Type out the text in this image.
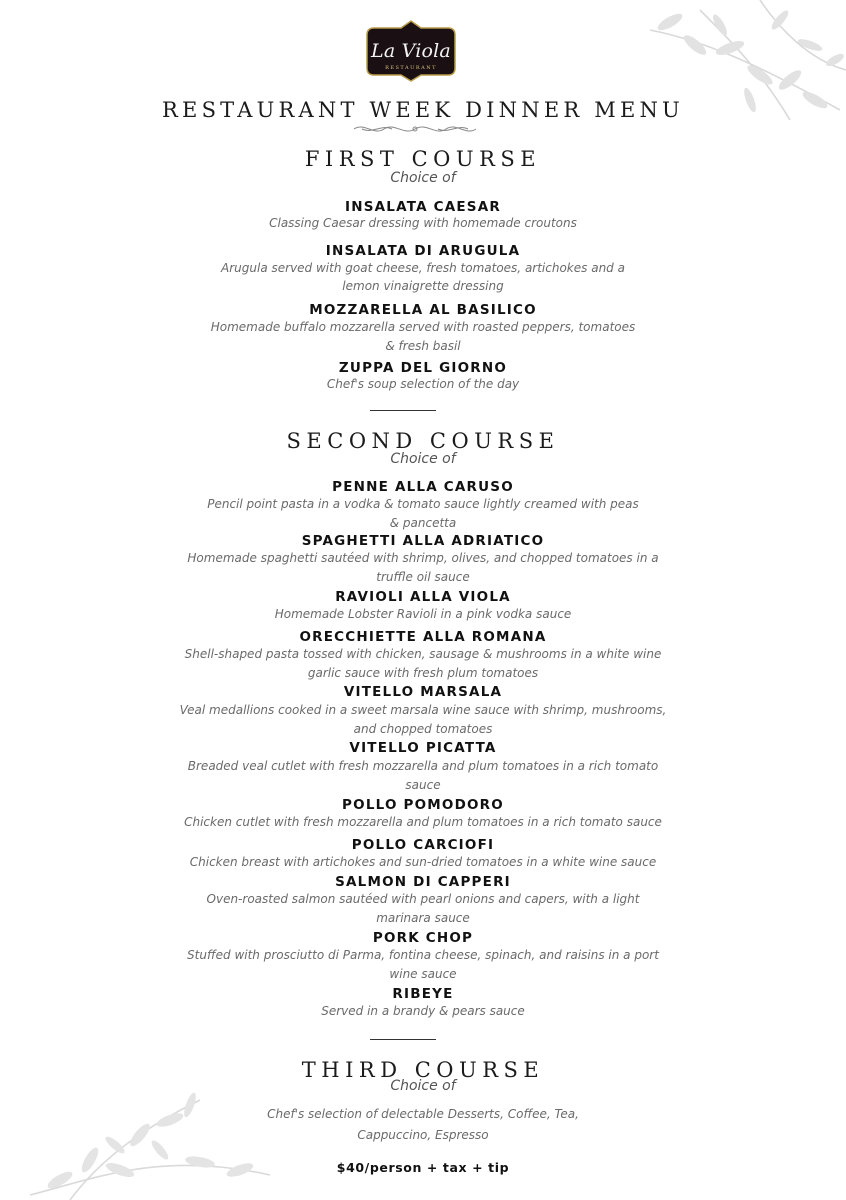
La Viola
RESTAURANT
RESTAURANT WEEK DINNER MENU
FIRST COURSE
Choice of
INSALATA CAESAR
Classing Caesar dressing with homemade croutons
INSALATA DI ARUGULA
Arugula served with goat cheese, fresh tomatoes, artichokes and a
lemon vinaigrette dressing
MOZZARELLA AL BASILICO
Homemade buffalo mozzarella served with roasted peppers, tomatoes
& fresh basil
ZUPPA DEL GIORNO
Chef's soup selection of the day
SECOND COURSE
Choice of
PENNE ALLA CARUSO
Pencil point pasta in a vodka & tomato sauce lightly creamed with peas
& pancetta
SPAGHETTI ALLA ADRIATICO
Homemade spaghetti sautéed with shrimp, olives, and chopped tomatoes in a
truffle oil sauce
RAVIOLI ALLA VIOLA
Homemade Lobster Ravioli in a pink vodka sauce
ORECCHIETTE ALLA ROMANA
Shell-shaped pasta tossed with chicken, sausage & mushrooms in a white wine
garlic sauce with fresh plum tomatoes
VITELLO MARSALA
Veal medallions cooked in a sweet marsala wine sauce with shrimp, mushrooms,
and chopped tomatoes
VITELLO PICATTA
Breaded veal cutlet with fresh mozzarella and plum tomatoes in a rich tomato
sauce
POLLO POMODORO
Chicken cutlet with fresh mozzarella and plum tomatoes in a rich tomato sauce
POLLO CARCIOFI
Chicken breast with artichokes and sun-dried tomatoes in a white wine sauce
SALMON DI CAPPERI
Oven-roasted salmon sautéed with pearl onions and capers, with a light
marinara sauce
PORK CHOP
Stuffed with prosciutto di Parma, fontina cheese, spinach, and raisins in a port
wine sauce
RIBEYE
Served in a brandy & pears sauce
THIRD COURSE
Choice of
Chef's selection of delectable Desserts, Coffee, Tea,
Cappuccino, Espresso
$40/person + tax + tip
